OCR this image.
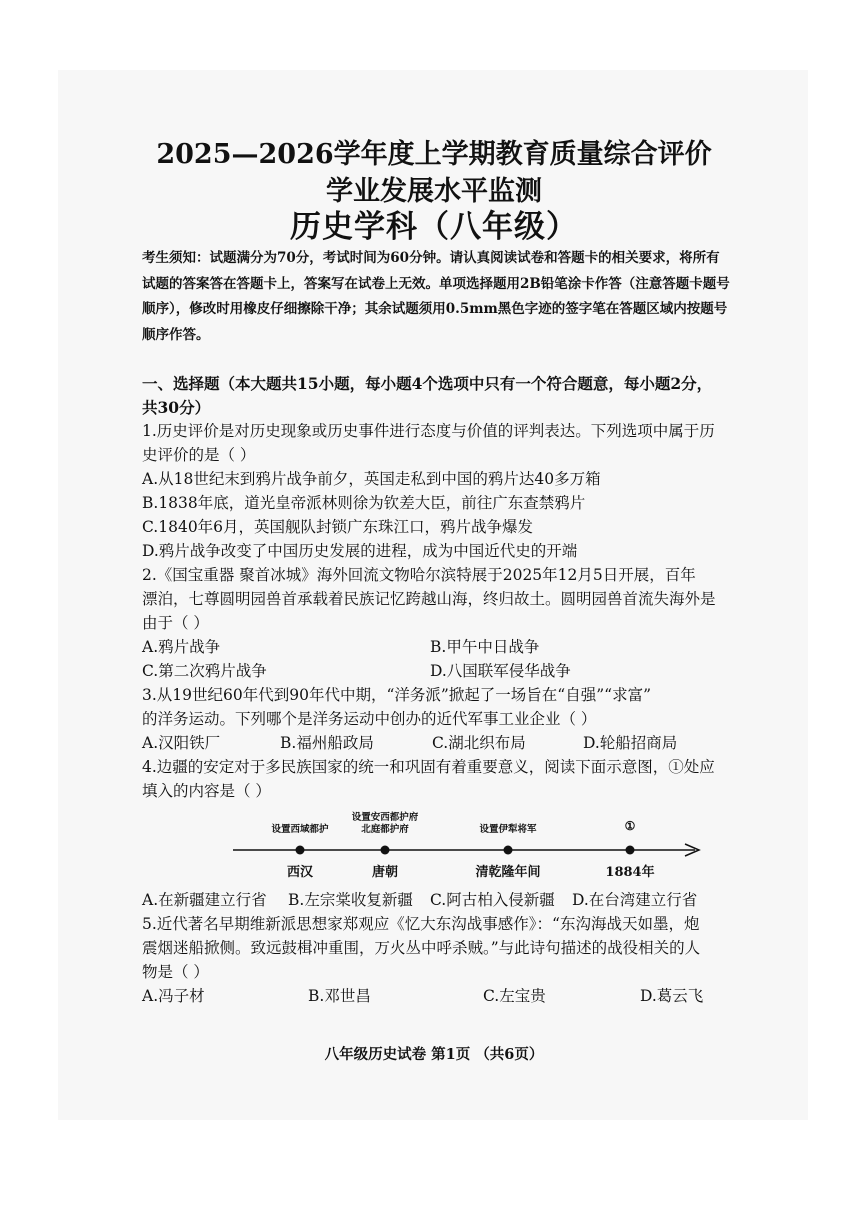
2025—2026学年度上学期教育质量综合评价
学业发展水平监测
历史学科（八年级）
考生须知：试题满分为70分，考试时间为60分钟。请认真阅读试卷和答题卡的相关要求，将所有试题的答案答在答题卡上，答案写在试卷上无效。单项选择题用2B铅笔涂卡作答（注意答题卡题号顺序），修改时用橡皮仔细擦除干净；其余试题须用0.5mm黑色字迹的签字笔在答题区域内按题号顺序作答。
一、选择题（本大题共15小题，每小题4个选项中只有一个符合题意，每小题2分，
共30分）
1.历史评价是对历史现象或历史事件进行态度与价值的评判表达。下列选项中属于历
史评价的是（ ）
A.从18世纪末到鸦片战争前夕，英国走私到中国的鸦片达40多万箱
B.1838年底，道光皇帝派林则徐为钦差大臣，前往广东查禁鸦片
C.1840年6月，英国舰队封锁广东珠江口，鸦片战争爆发
D.鸦片战争改变了中国历史发展的进程，成为中国近代史的开端
2.《国宝重器 聚首冰城》海外回流文物哈尔滨特展于2025年12月5日开展，百年
漂泊，七尊圆明园兽首承载着民族记忆跨越山海，终归故土。圆明园兽首流失海外是
由于（ ）
A.鸦片战争	B.甲午中日战争
C.第二次鸦片战争	D.八国联军侵华战争
3.从19世纪60年代到90年代中期，“洋务派”掀起了一场旨在“自强”“求富”
的洋务运动。下列哪个是洋务运动中创办的近代军事工业企业（ ）
A.汉阳铁厂	B.福州船政局	C.湖北织布局	D.轮船招商局
4.边疆的安定对于多民族国家的统一和巩固有着重要意义，阅读下面示意图，①处应
填入的内容是（ ）
设置西域都护
设置安西都护府
北庭都护府	设置伊犁将军	①
西汉	唐朝	清乾隆年间	1884年
A.在新疆建立行省 B.左宗棠收复新疆 C.阿古柏入侵新疆 D.在台湾建立行省
5.近代著名早期维新派思想家郑观应《忆大东沟战事感作》：“东沟海战天如墨，炮
震烟迷船掀侧。致远鼓楫冲重围，万火丛中呼杀贼。”与此诗句描述的战役相关的人
物是（ ）
A.冯子材	B.邓世昌	C.左宝贵	D.葛云飞
八年级历史试卷 第1页 （共6页）
